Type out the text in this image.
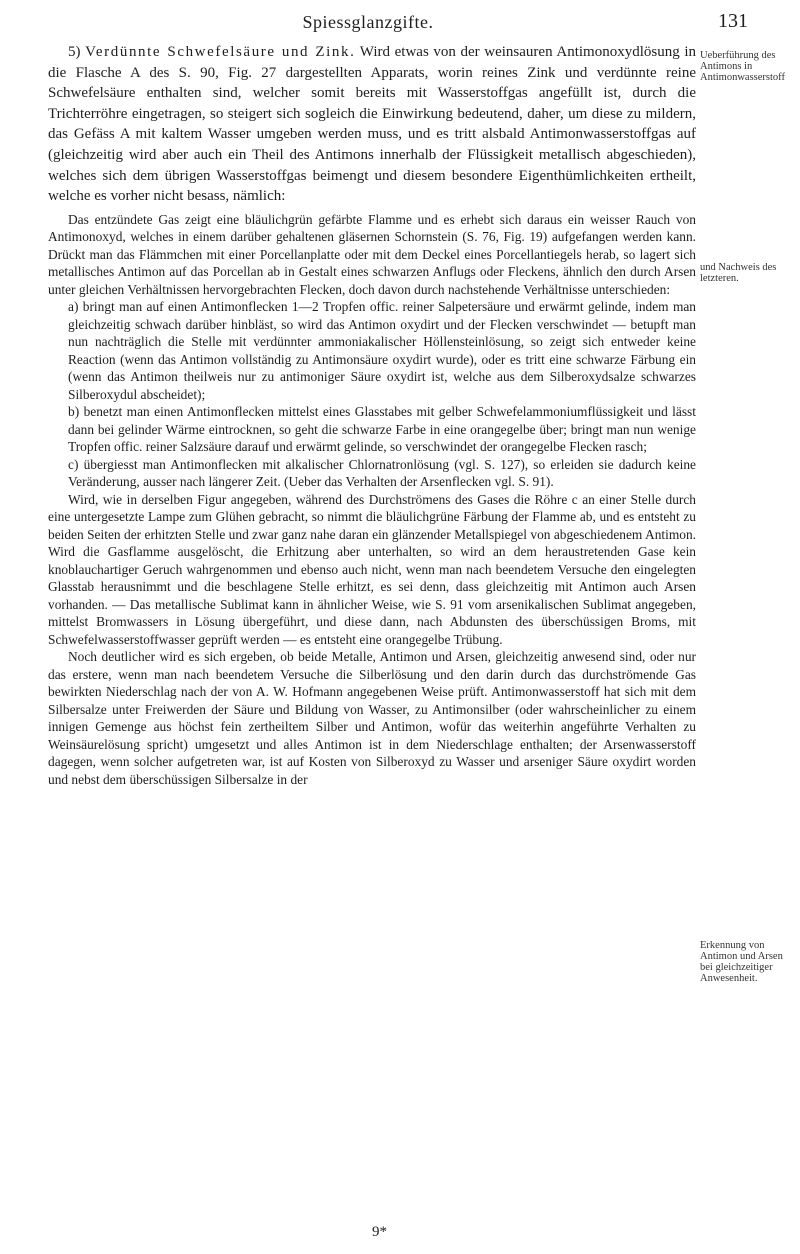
Spiessglanzgifte.	131

5) Verdünnte Schwefelsäure und Zink. Wird etwas von der weinsauren Antimonoxydlösung in die Flasche A des S. 90, Fig. 27 dargestellten Apparats, worin reines Zink und verdünnte reine Schwefelsäure enthalten sind, welcher somit bereits mit Wasserstoffgas angefüllt ist, durch die Trichterröhre eingetragen, so steigert sich sogleich die Einwirkung bedeutend, daher, um diese zu mildern, das Gefäss A mit kaltem Wasser umgeben werden muss, und es tritt alsbald Antimonwasserstoffgas auf (gleichzeitig wird aber auch ein Theil des Antimons innerhalb der Flüssigkeit metallisch abgeschieden), welches sich dem übrigen Wasserstoffgas beimengt und diesem besondere Eigenthümlichkeiten ertheilt, welche es vorher nicht besass, nämlich:

Das entzündete Gas zeigt eine bläulichgrün gefärbte Flamme und es erhebt sich daraus ein weisser Rauch von Antimonoxyd, welches in einem darüber gehaltenen gläsernen Schornstein (S. 76, Fig. 19) aufgefangen werden kann. Drückt man das Flämmchen mit einer Porcellanplatte oder mit dem Deckel eines Porcellantiegels herab, so lagert sich metallisches Antimon auf das Porcellan ab in Gestalt eines schwarzen Anflugs oder Fleckens, ähnlich den durch Arsen unter gleichen Verhältnissen hervorgebrachten Flecken, doch davon durch nachstehende Verhältnisse unterschieden:

a) bringt man auf einen Antimonflecken 1—2 Tropfen offic. reiner Salpetersäure und erwärmt gelinde, indem man gleichzeitig schwach darüber hinbläst, so wird das Antimon oxydirt und der Flecken verschwindet — betupft man nun nachträglich die Stelle mit verdünnter ammoniakalischer Höllensteinlösung, so zeigt sich entweder keine Reaction (wenn das Antimon vollständig zu Antimonsäure oxydirt wurde), oder es tritt eine schwarze Färbung ein (wenn das Antimon theilweis nur zu antimoniger Säure oxydirt ist, welche aus dem Silberoxydsalze schwarzes Silberoxydul abscheidet);

b) benetzt man einen Antimonflecken mittelst eines Glasstabes mit gelber Schwefelammoniumflüssigkeit und lässt dann bei gelinder Wärme eintrocknen, so geht die schwarze Farbe in eine orangegelbe über; bringt man nun wenige Tropfen offic. reiner Salzsäure darauf und erwärmt gelinde, so verschwindet der orangegelbe Flecken rasch;

c) übergiesst man Antimonflecken mit alkalischer Chlornatronlösung (vgl. S. 127), so erleiden sie dadurch keine Veränderung, ausser nach längerer Zeit. (Ueber das Verhalten der Arsenflecken vgl. S. 91).

Wird, wie in derselben Figur angegeben, während des Durchströmens des Gases die Röhre c an einer Stelle durch eine untergesetzte Lampe zum Glühen gebracht, so nimmt die bläulichgrüne Färbung der Flamme ab, und es entsteht zu beiden Seiten der erhitzten Stelle und zwar ganz nahe daran ein glänzender Metallspiegel von abgeschiedenem Antimon. Wird die Gasflamme ausgelöscht, die Erhitzung aber unterhalten, so wird an dem heraustretenden Gase kein knoblauchartiger Geruch wahrgenommen und ebenso auch nicht, wenn man nach beendetem Versuche den eingelegten Glasstab herausnimmt und die beschlagene Stelle erhitzt, es sei denn, dass gleichzeitig mit Antimon auch Arsen vorhanden. — Das metallische Sublimat kann in ähnlicher Weise, wie S. 91 vom arsenikalischen Sublimat angegeben, mittelst Bromwassers in Lösung übergeführt, und diese dann, nach Abdunsten des überschüssigen Broms, mit Schwefelwasserstoffwasser geprüft werden — es entsteht eine orangegelbe Trübung.

Noch deutlicher wird es sich ergeben, ob beide Metalle, Antimon und Arsen, gleichzeitig anwesend sind, oder nur das erstere, wenn man nach beendetem Versuche die Silberlösung und den darin durch das durchströmende Gas bewirkten Niederschlag nach der von A. W. Hofmann angegebenen Weise prüft. Antimonwasserstoff hat sich mit dem Silbersalze unter Freiwerden der Säure und Bildung von Wasser, zu Antimonsilber (oder wahrscheinlicher zu einem innigen Gemenge aus höchst fein zertheiltem Silber und Antimon, wofür das weiterhin angeführte Verhalten zu Weinsäurelösung spricht) umgesetzt und alles Antimon ist in dem Niederschlage enthalten; der Arsenwasserstoff dagegen, wenn solcher aufgetreten war, ist auf Kosten von Silberoxyd zu Wasser und arseniger Säure oxydirt worden und nebst dem überschüssigen Silbersalze in der

Ueberführung des Antimons in Antimonwasserstoff
und Nachweis des letzteren.
Erkennung von Antimon und Arsen bei gleichzeitiger Anwesenheit.
9*
